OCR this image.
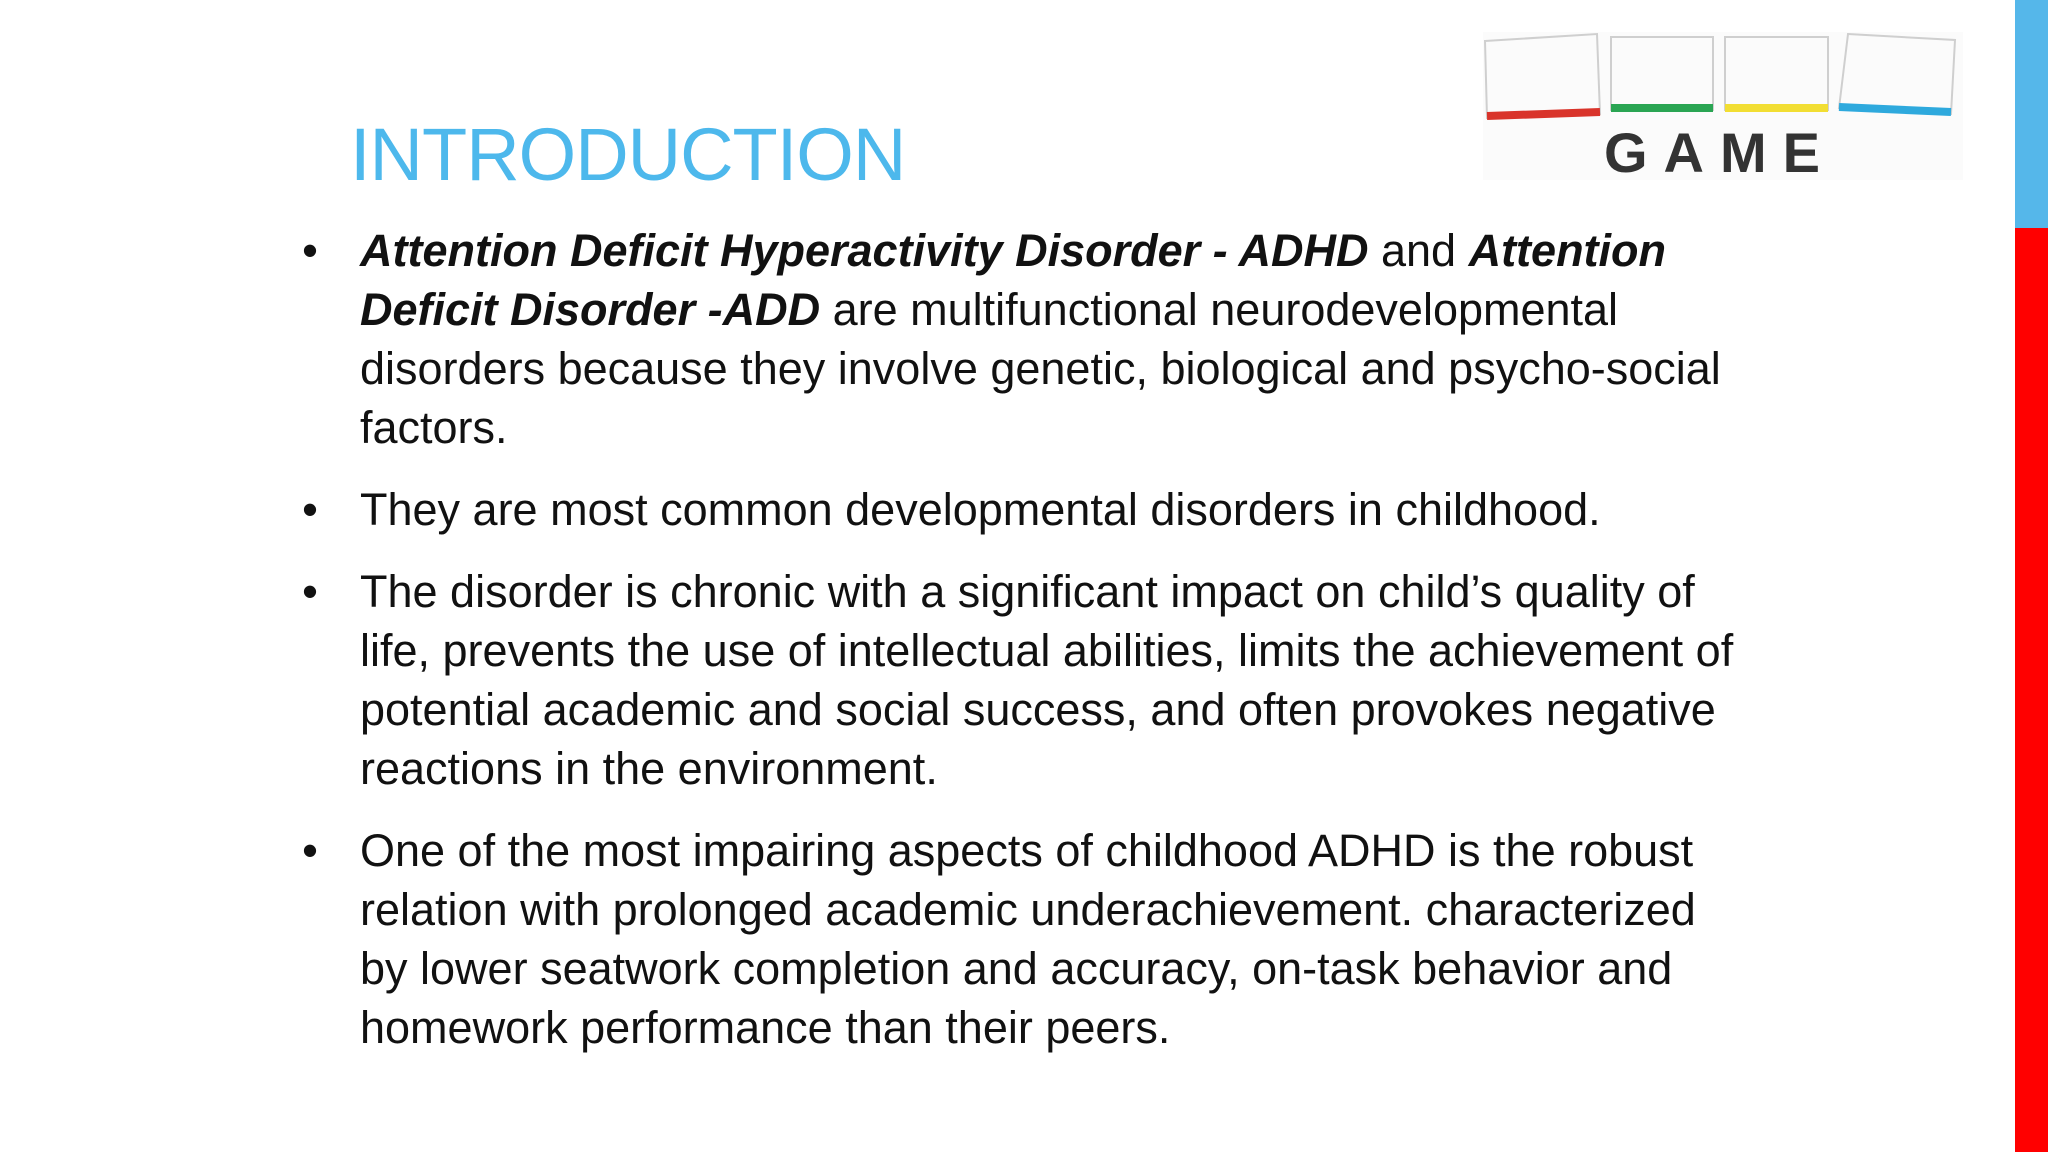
GAME
INTRODUCTION
• Attention Deficit Hyperactivity Disorder - ADHD and Attention Deficit Disorder -ADD are multifunctional neurodevelopmental disorders because they involve genetic, biological and psycho-social factors.
• They are most common developmental disorders in childhood.
• The disorder is chronic with a significant impact on child’s quality of life, prevents the use of intellectual abilities, limits the achievement of potential academic and social success, and often provokes negative reactions in the environment.
• One of the most impairing aspects of childhood ADHD is the robust relation with prolonged academic underachievement. characterized by lower seatwork completion and accuracy, on-task behavior and homework performance than their peers.
